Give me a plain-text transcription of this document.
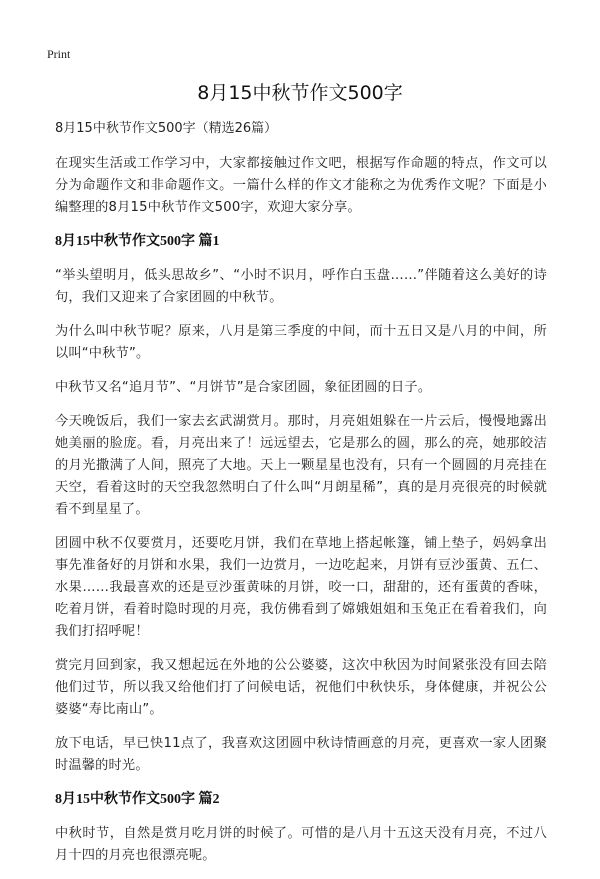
Print
8月15中秋节作文500字

8月15中秋节作文500字（精选26篇）

在现实生活或工作学习中，大家都接触过作文吧，根据写作命题的特点，作文可以分为命题作文和非命题作文。一篇什么样的作文才能称之为优秀作文呢？下面是小编整理的8月15中秋节作文500字，欢迎大家分享。

8月15中秋节作文500字 篇1

“举头望明月，低头思故乡”、“小时不识月，呼作白玉盘……”伴随着这么美好的诗句，我们又迎来了合家团圆的中秋节。

为什么叫中秋节呢？原来，八月是第三季度的中间，而十五日又是八月的中间，所以叫“中秋节”。

中秋节又名“追月节”、“月饼节”是合家团圆，象征团圆的日子。

今天晚饭后，我们一家去玄武湖赏月。那时，月亮姐姐躲在一片云后，慢慢地露出她美丽的脸庞。看，月亮出来了！远远望去，它是那么的圆，那么的亮，她那皎洁的月光撒满了人间，照亮了大地。天上一颗星星也没有，只有一个圆圆的月亮挂在天空，看着这时的天空我忽然明白了什么叫“月朗星稀”，真的是月亮很亮的时候就看不到星星了。

团圆中秋不仅要赏月，还要吃月饼，我们在草地上搭起帐篷，铺上垫子，妈妈拿出事先准备好的月饼和水果，我们一边赏月，一边吃起来，月饼有豆沙蛋黄、五仁、水果……我最喜欢的还是豆沙蛋黄味的月饼，咬一口，甜甜的，还有蛋黄的香味，吃着月饼，看着时隐时现的月亮，我仿佛看到了嫦娥姐姐和玉兔正在看着我们，向我们打招呼呢！

赏完月回到家，我又想起远在外地的公公婆婆，这次中秋因为时间紧张没有回去陪他们过节，所以我又给他们打了问候电话，祝他们中秋快乐，身体健康，并祝公公婆婆“寿比南山”。

放下电话，早已快11点了，我喜欢这团圆中秋诗情画意的月亮，更喜欢一家人团聚时温馨的时光。

8月15中秋节作文500字 篇2

中秋时节，自然是赏月吃月饼的时候了。可惜的是八月十五这天没有月亮，不过八月十四的月亮也很漂亮呢。
